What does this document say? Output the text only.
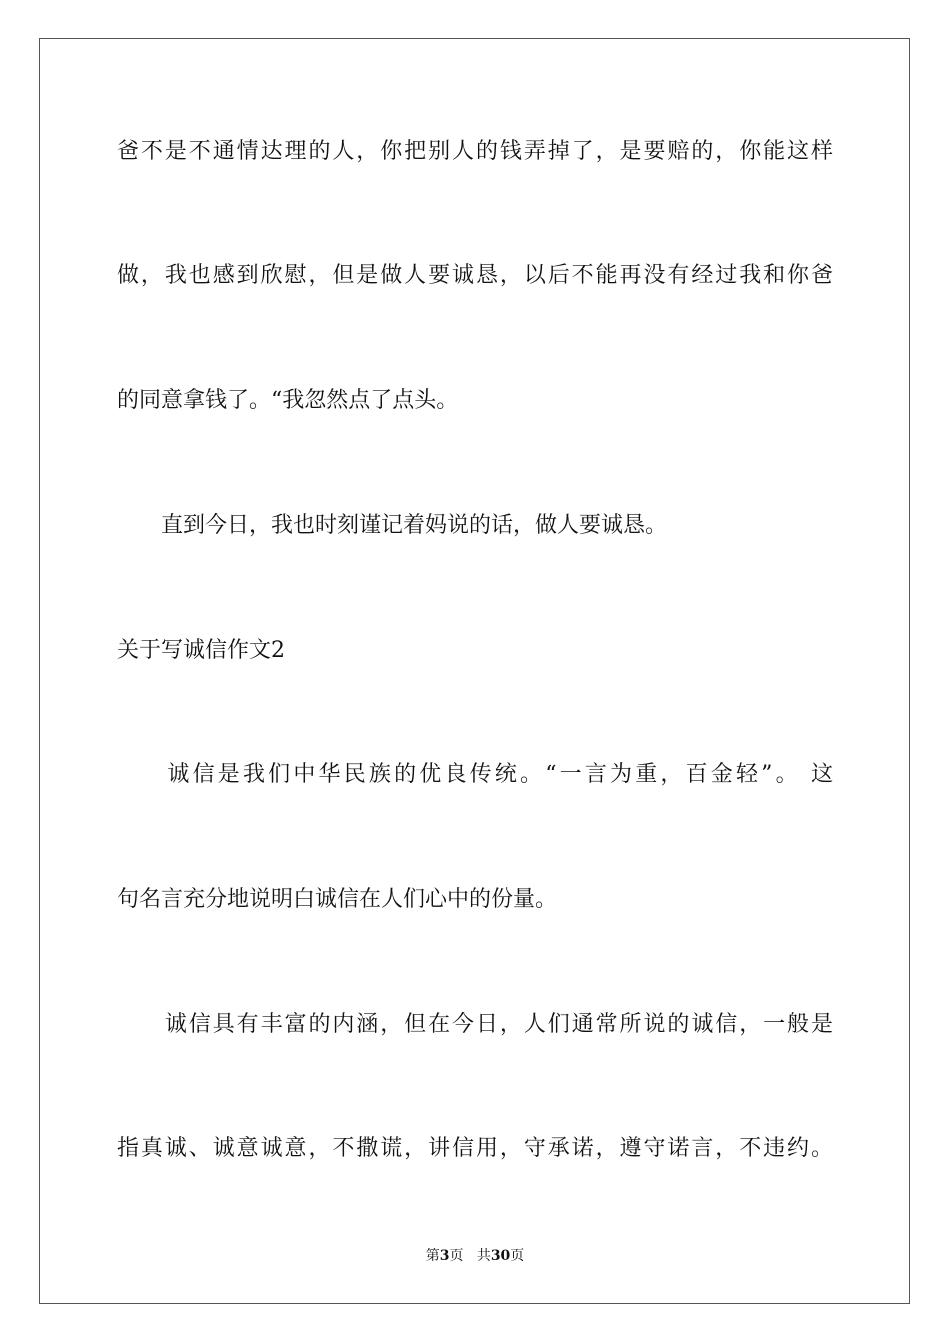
爸不是不通情达理的人，你把别人的钱弄掉了，是要赔的，你能这样
做，我也感到欣慰，但是做人要诚恳，以后不能再没有经过我和你爸
的同意拿钱了。“我忽然点了点头。
　　直到今日，我也时刻谨记着妈说的话，做人要诚恳。
关于写诚信作文2
　　诚信是我们中华民族的优良传统。“一言为重，百金轻”。 这
句名言充分地说明白诚信在人们心中的份量。
　　诚信具有丰富的内涵，但在今日，人们通常所说的诚信，一般是
指真诚、诚意诚意，不撒谎，讲信用，守承诺，遵守诺言，不违约。
第3页 共30页
